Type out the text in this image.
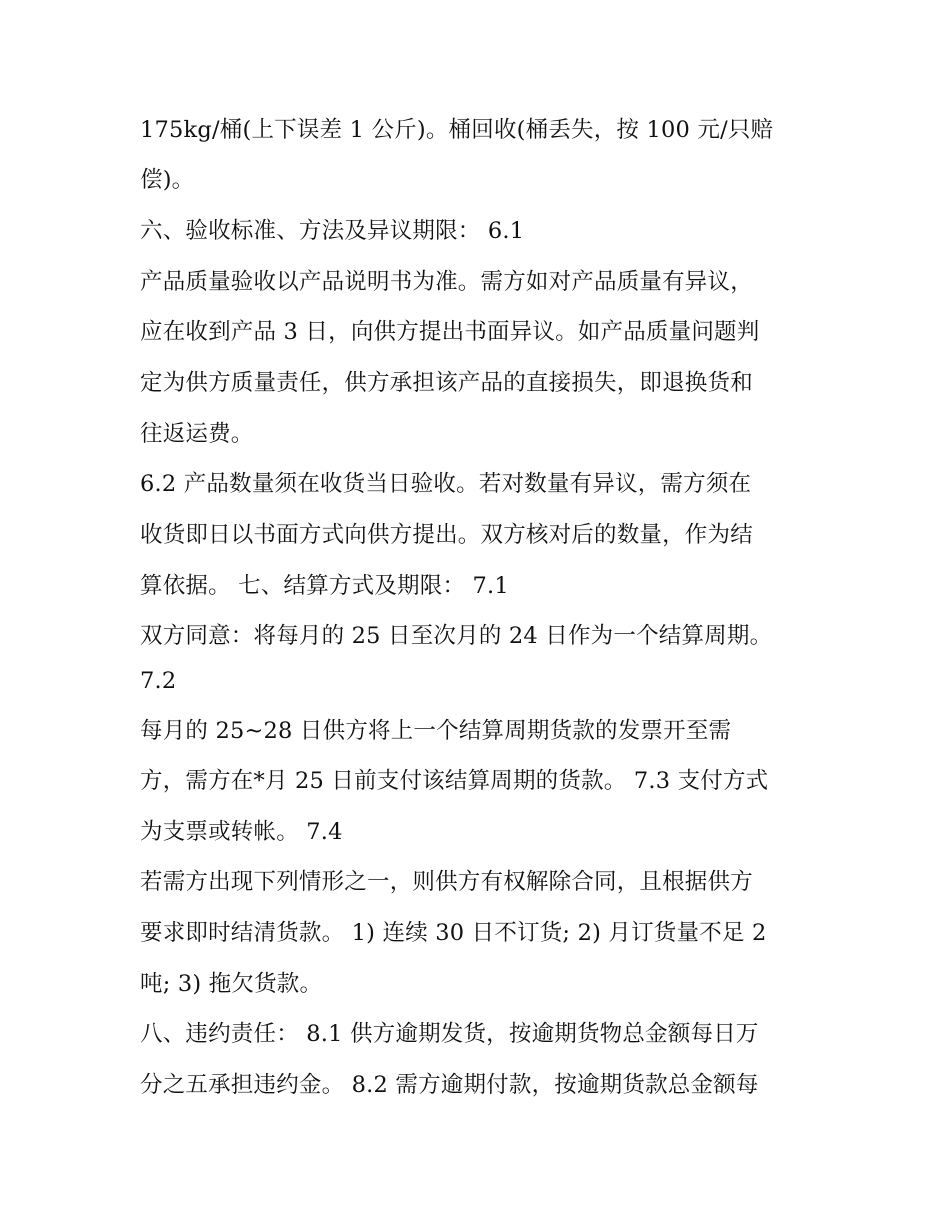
175kg/桶(上下误差 1 公斤)。桶回收(桶丢失，按 100 元/只赔
偿)。
六、验收标准、方法及异议期限： 6.1
产品质量验收以产品说明书为准。需方如对产品质量有异议，
应在收到产品 3 日，向供方提出书面异议。如产品质量问题判
定为供方质量责任，供方承担该产品的直接损失，即退换货和
往返运费。
6.2 产品数量须在收货当日验收。若对数量有异议，需方须在
收货即日以书面方式向供方提出。双方核对后的数量，作为结
算依据。 七、结算方式及期限： 7.1
双方同意：将每月的 25 日至次月的 24 日作为一个结算周期。
7.2
每月的 25~28 日供方将上一个结算周期货款的发票开至需
方，需方在*月 25 日前支付该结算周期的货款。 7.3 支付方式
为支票或转帐。 7.4
若需方出现下列情形之一，则供方有权解除合同，且根据供方
要求即时结清货款。 1) 连续 30 日不订货; 2) 月订货量不足 2
吨; 3) 拖欠货款。
八、违约责任： 8.1 供方逾期发货，按逾期货物总金额每日万
分之五承担违约金。 8.2 需方逾期付款，按逾期货款总金额每
